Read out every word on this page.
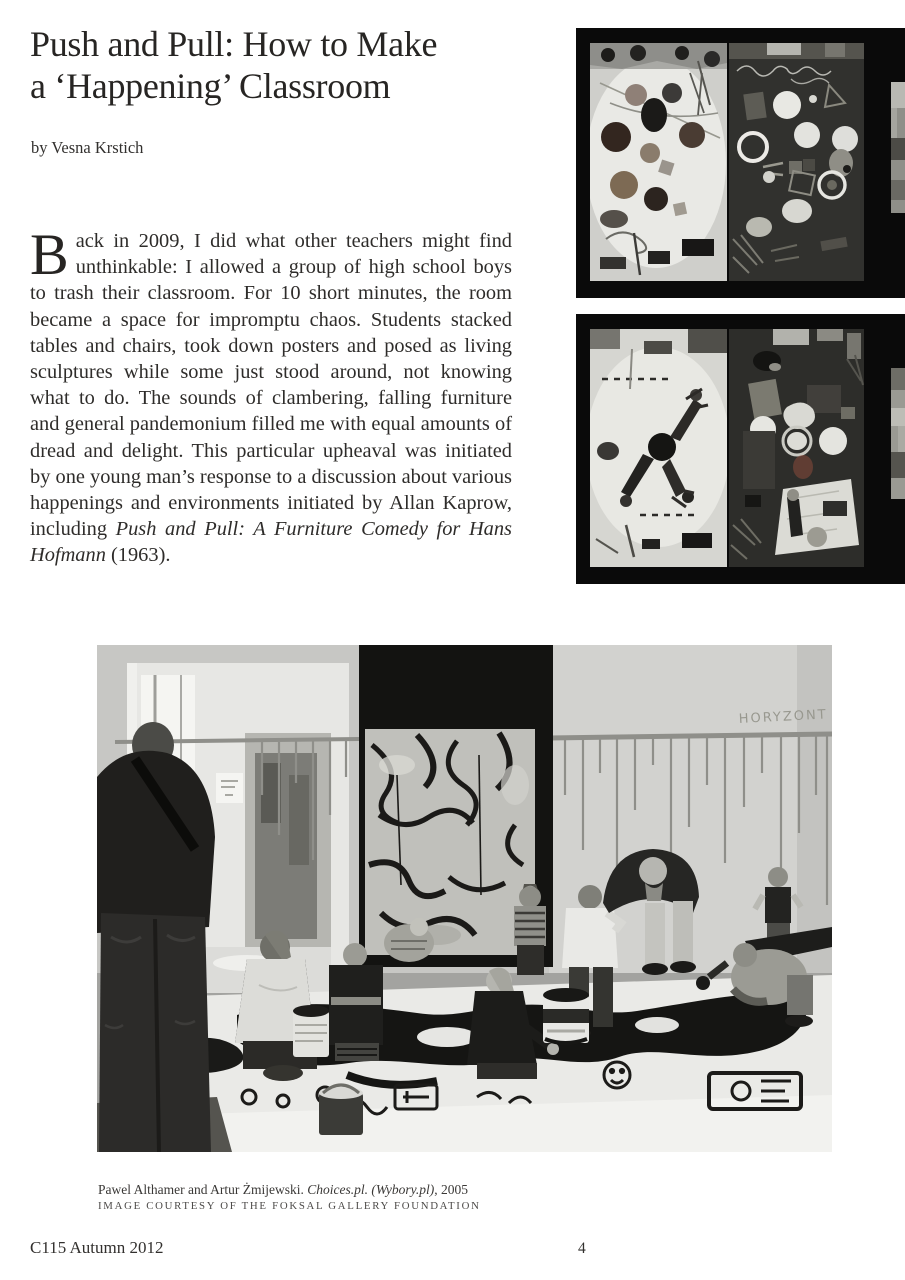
Push and Pull: How to Make
a ‘Happening’ Classroom
by Vesna Krstich

Back in 2009, I did what other teachers might find unthinkable: I allowed a group of high school boys to trash their classroom. For 10 short minutes, the room became a space for impromptu chaos. Students stacked tables and chairs, took down posters and posed as living sculptures while some just stood around, not knowing what to do. The sounds of clambering, falling furniture and general pandemonium filled me with equal amounts of dread and delight. This particular upheaval was initiated by one young man’s response to a discussion about various happenings and environments initiated by Allan Kaprow, including Push and Pull: A Furniture Comedy for Hans Hofmann (1963).

HORYZONT
Pawel Althamer and Artur Żmijewski. Choices.pl. (Wybory.pl), 2005
IMAGE COURTESY OF THE FOKSAL GALLERY FOUNDATION
C115 Autumn 2012	4
